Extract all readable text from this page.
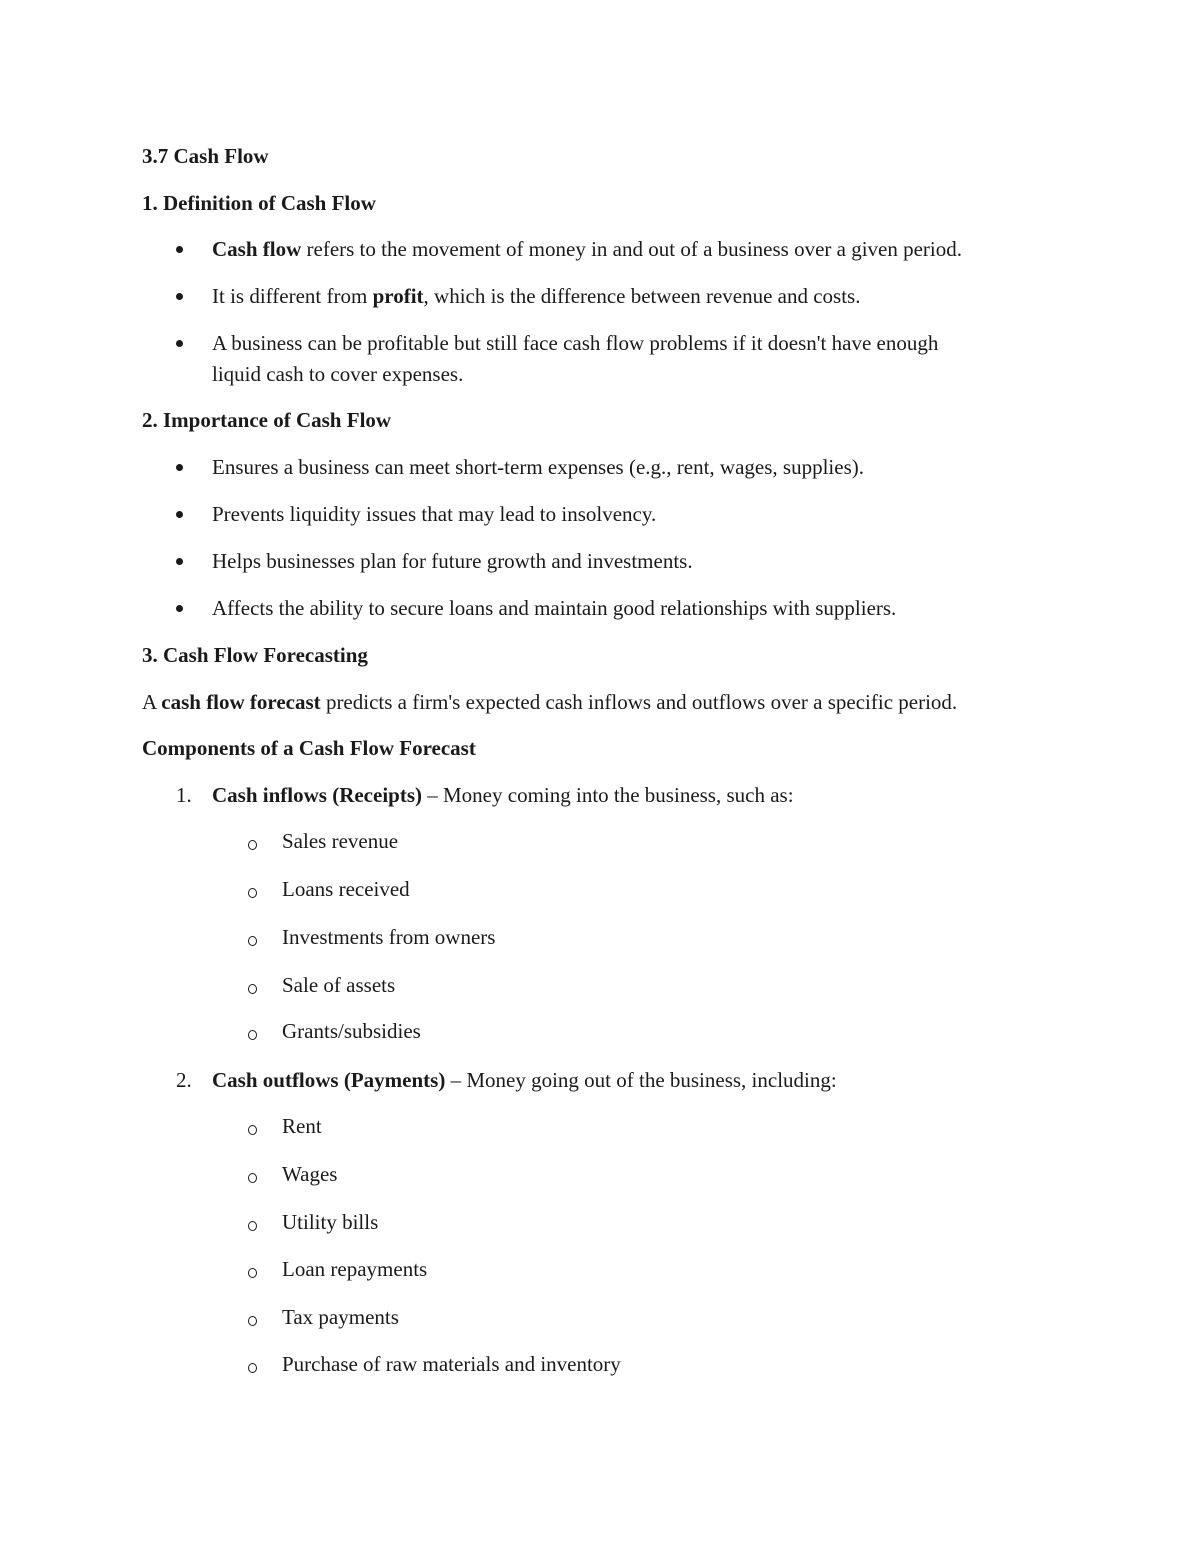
3.7 Cash Flow
1. Definition of Cash Flow
Cash flow refers to the movement of money in and out of a business over a given period.
It is different from profit, which is the difference between revenue and costs.
A business can be profitable but still face cash flow problems if it doesn't have enough
liquid cash to cover expenses.
2. Importance of Cash Flow
Ensures a business can meet short-term expenses (e.g., rent, wages, supplies).
Prevents liquidity issues that may lead to insolvency.
Helps businesses plan for future growth and investments.
Affects the ability to secure loans and maintain good relationships with suppliers.
3. Cash Flow Forecasting
A cash flow forecast predicts a firm's expected cash inflows and outflows over a specific period.
Components of a Cash Flow Forecast
1. Cash inflows (Receipts) – Money coming into the business, such as:
Sales revenue
Loans received
Investments from owners
Sale of assets
Grants/subsidies
2. Cash outflows (Payments) – Money going out of the business, including:
Rent
Wages
Utility bills
Loan repayments
Tax payments
Purchase of raw materials and inventory
